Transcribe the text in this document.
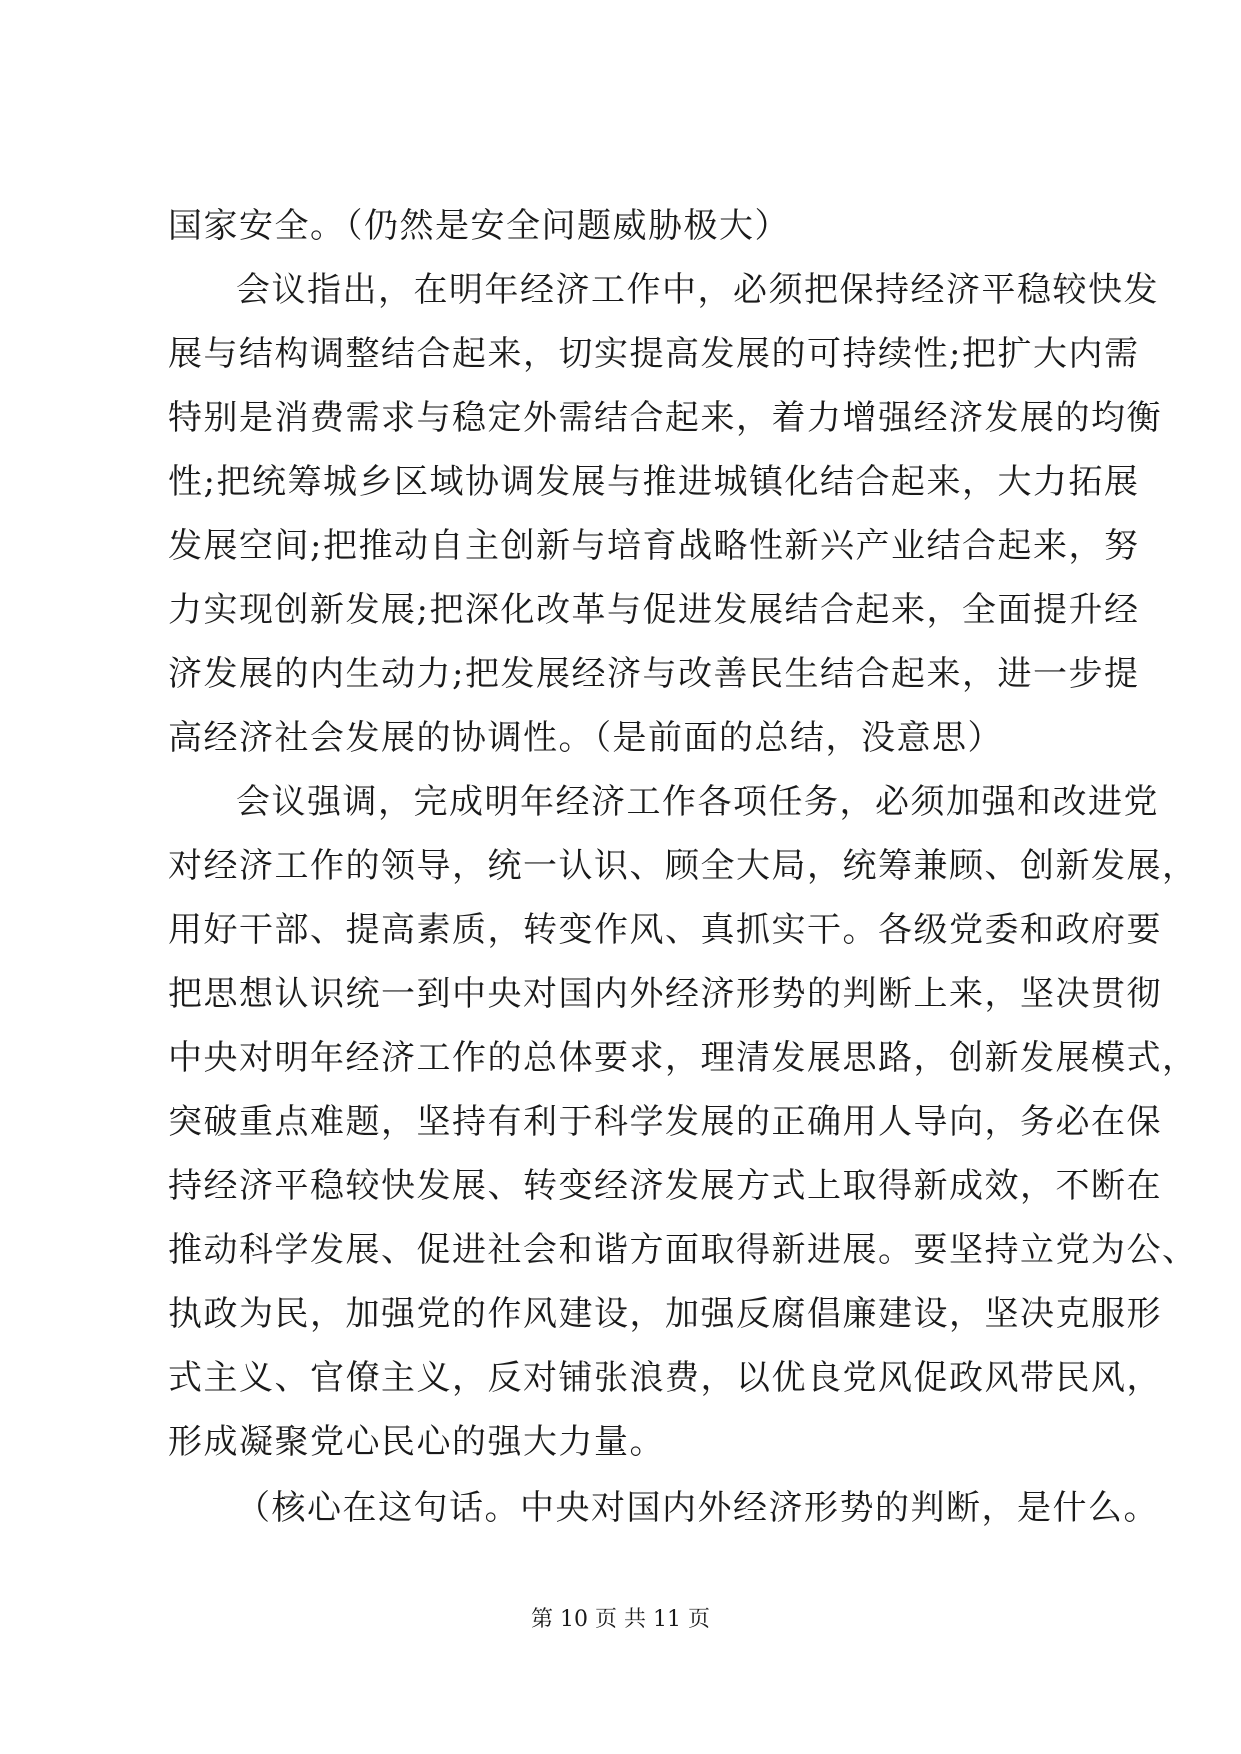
国家安全。（仍然是安全问题威胁极大）
会议指出，在明年经济工作中，必须把保持经济平稳较快发
展与结构调整结合起来，切实提高发展的可持续性;把扩大内需
特别是消费需求与稳定外需结合起来，着力增强经济发展的均衡
性;把统筹城乡区域协调发展与推进城镇化结合起来，大力拓展
发展空间;把推动自主创新与培育战略性新兴产业结合起来，努
力实现创新发展;把深化改革与促进发展结合起来，全面提升经
济发展的内生动力;把发展经济与改善民生结合起来，进一步提
高经济社会发展的协调性。（是前面的总结，没意思）
会议强调，完成明年经济工作各项任务，必须加强和改进党
对经济工作的领导，统一认识、顾全大局，统筹兼顾、创新发展，
用好干部、提高素质，转变作风、真抓实干。各级党委和政府要
把思想认识统一到中央对国内外经济形势的判断上来，坚决贯彻
中央对明年经济工作的总体要求，理清发展思路，创新发展模式，
突破重点难题，坚持有利于科学发展的正确用人导向，务必在保
持经济平稳较快发展、转变经济发展方式上取得新成效，不断在
推动科学发展、促进社会和谐方面取得新进展。要坚持立党为公、
执政为民，加强党的作风建设，加强反腐倡廉建设，坚决克服形
式主义、官僚主义，反对铺张浪费，以优良党风促政风带民风，
形成凝聚党心民心的强大力量。
（核心在这句话。中央对国内外经济形势的判断，是什么。
第 10 页 共 11 页
